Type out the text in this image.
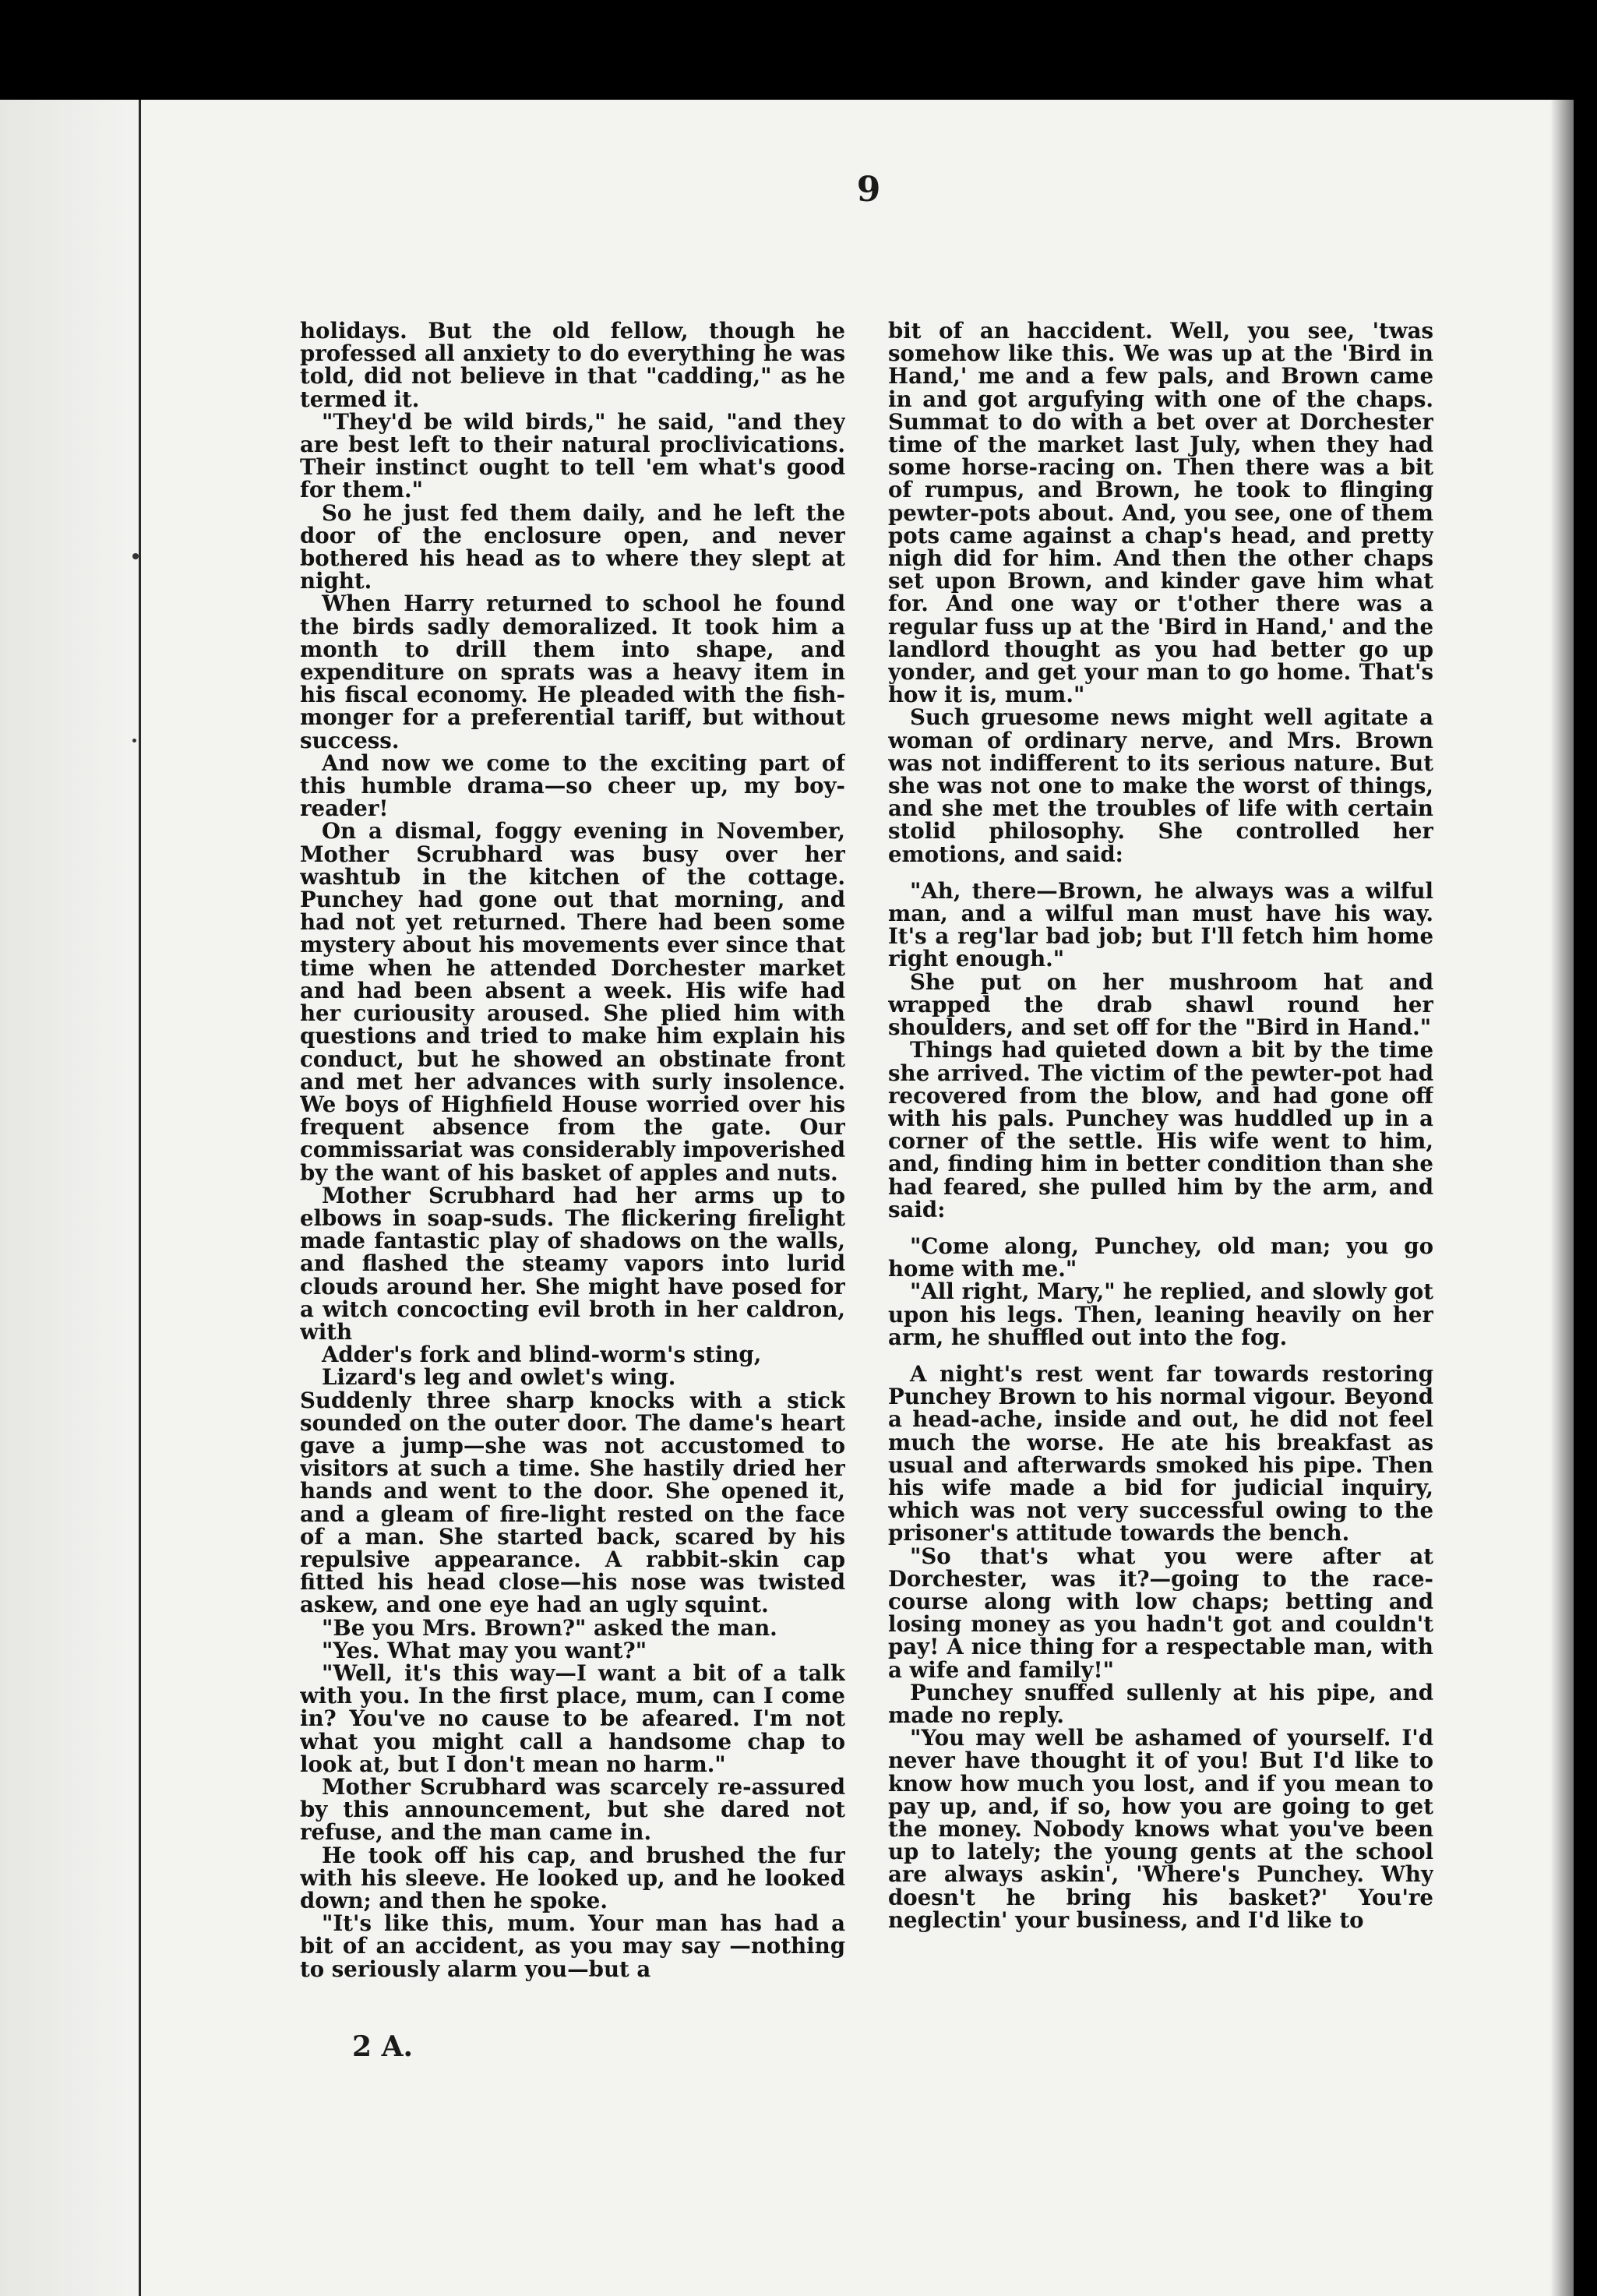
9

holidays. But the old fellow, though he professed all anxiety to do everything he was told, did not believe in that "cadding," as he termed it.

"They'd be wild birds," he said, "and they are best left to their natural proclivications. Their instinct ought to tell 'em what's good for them."

So he just fed them daily, and he left the door of the enclosure open, and never bothered his head as to where they slept at night.

When Harry returned to school he found the birds sadly demoralized. It took him a month to drill them into shape, and expenditure on sprats was a heavy item in his fiscal economy. He pleaded with the fish-monger for a preferential tariff, but without success.

And now we come to the exciting part of this humble drama—so cheer up, my boy-reader!

On a dismal, foggy evening in November, Mother Scrubhard was busy over her washtub in the kitchen of the cottage. Punchey had gone out that morning, and had not yet returned. There had been some mystery about his movements ever since that time when he attended Dorchester market and had been absent a week. His wife had her curiousity aroused. She plied him with questions and tried to make him explain his conduct, but he showed an obstinate front and met her advances with surly insolence. We boys of Highfield House worried over his frequent absence from the gate. Our commissariat was considerably impoverished by the want of his basket of apples and nuts.

Mother Scrubhard had her arms up to elbows in soap-suds. The flickering firelight made fantastic play of shadows on the walls, and flashed the steamy vapors into lurid clouds around her. She might have posed for a witch concocting evil broth in her caldron, with

Adder's fork and blind-worm's sting,

Lizard's leg and owlet's wing.

Suddenly three sharp knocks with a stick sounded on the outer door. The dame's heart gave a jump—she was not accustomed to visitors at such a time. She hastily dried her hands and went to the door. She opened it, and a gleam of fire-light rested on the face of a man. She started back, scared by his repulsive appearance. A rabbit-skin cap fitted his head close—his nose was twisted askew, and one eye had an ugly squint.

"Be you Mrs. Brown?" asked the man.

"Yes. What may you want?"

"Well, it's this way—I want a bit of a talk with you. In the first place, mum, can I come in? You've no cause to be afeared. I'm not what you might call a handsome chap to look at, but I don't mean no harm."

Mother Scrubhard was scarcely re-assured by this announcement, but she dared not refuse, and the man came in.

He took off his cap, and brushed the fur with his sleeve. He looked up, and he looked down; and then he spoke.

"It's like this, mum. Your man has had a bit of an accident, as you may say —nothing to seriously alarm you—but a

bit of an haccident. Well, you see, 'twas somehow like this. We was up at the 'Bird in Hand,' me and a few pals, and Brown came in and got argufying with one of the chaps. Summat to do with a bet over at Dorchester time of the market last July, when they had some horse-racing on. Then there was a bit of rumpus, and Brown, he took to flinging pewter-pots about. And, you see, one of them pots came against a chap's head, and pretty nigh did for him. And then the other chaps set upon Brown, and kinder gave him what for. And one way or t'other there was a regular fuss up at the 'Bird in Hand,' and the landlord thought as you had better go up yonder, and get your man to go home. That's how it is, mum."

Such gruesome news might well agitate a woman of ordinary nerve, and Mrs. Brown was not indifferent to its serious nature. But she was not one to make the worst of things, and she met the troubles of life with certain stolid philosophy. She controlled her emotions, and said:

"Ah, there—Brown, he always was a wilful man, and a wilful man must have his way. It's a reg'lar bad job; but I'll fetch him home right enough."

She put on her mushroom hat and wrapped the drab shawl round her shoulders, and set off for the "Bird in Hand."

Things had quieted down a bit by the time she arrived. The victim of the pewter-pot had recovered from the blow, and had gone off with his pals. Punchey was huddled up in a corner of the settle. His wife went to him, and, finding him in better condition than she had feared, she pulled him by the arm, and said:

"Come along, Punchey, old man; you go home with me."

"All right, Mary," he replied, and slowly got upon his legs. Then, leaning heavily on her arm, he shuffled out into the fog.

A night's rest went far towards restoring Punchey Brown to his normal vigour. Beyond a head-ache, inside and out, he did not feel much the worse. He ate his breakfast as usual and afterwards smoked his pipe. Then his wife made a bid for judicial inquiry, which was not very successful owing to the prisoner's attitude towards the bench.

"So that's what you were after at Dorchester, was it?—going to the race-course along with low chaps; betting and losing money as you hadn't got and couldn't pay! A nice thing for a respectable man, with a wife and family!"

Punchey snuffed sullenly at his pipe, and made no reply.

"You may well be ashamed of yourself. I'd never have thought it of you! But I'd like to know how much you lost, and if you mean to pay up, and, if so, how you are going to get the money. Nobody knows what you've been up to lately; the young gents at the school are always askin', 'Where's Punchey. Why doesn't he bring his basket?' You're neglectin' your business, and I'd like to

2 A.
